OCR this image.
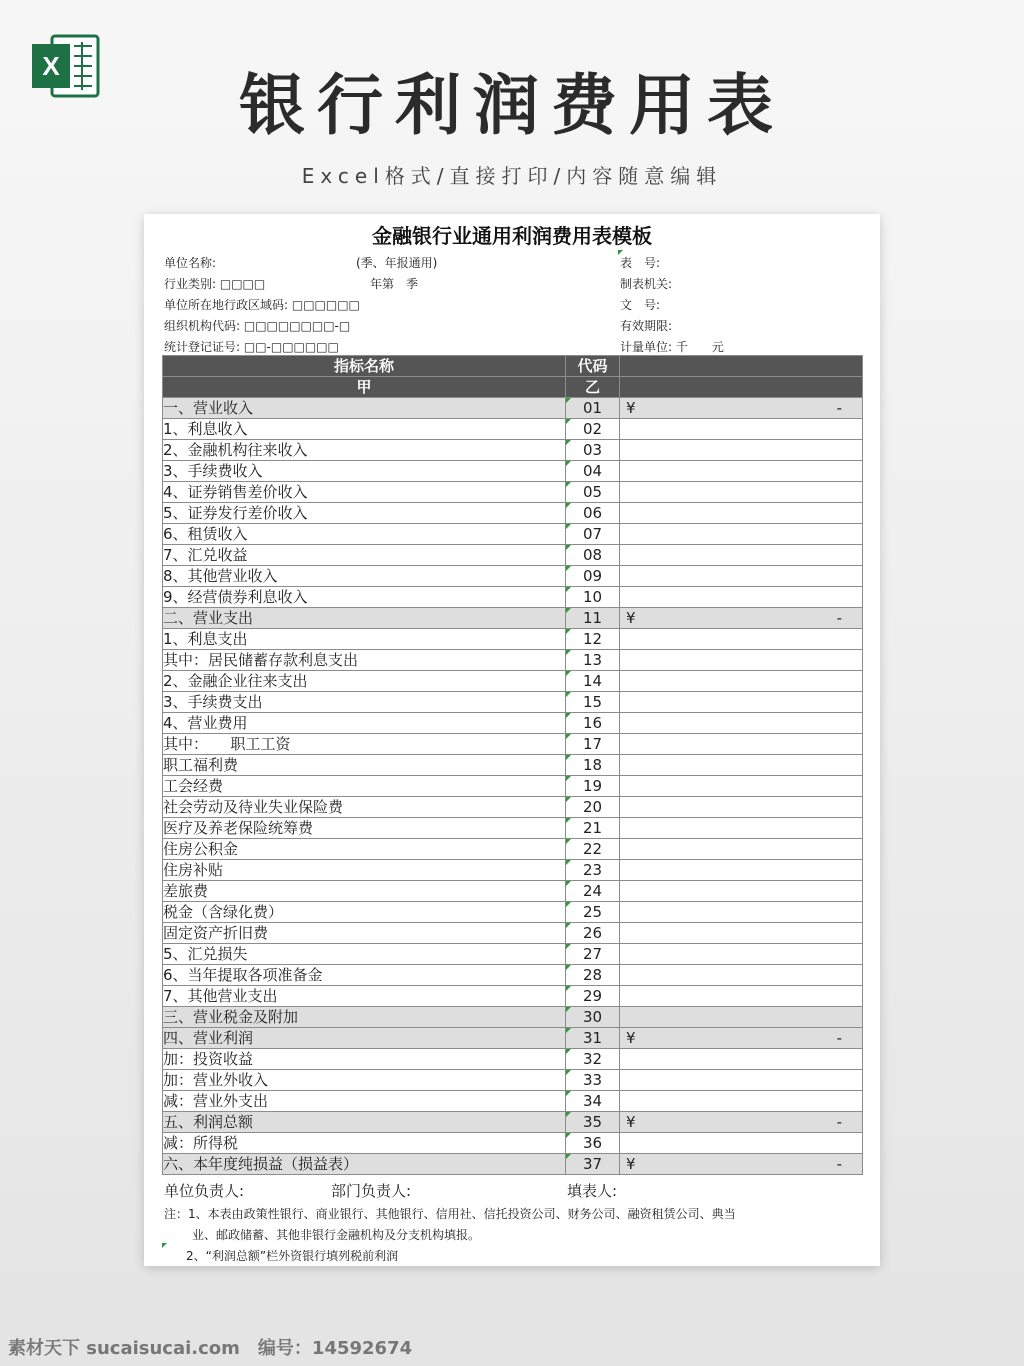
X
银行利润费用表
Excel格式/直接打印/内容随意编辑
金融银行业通用利润费用表模板
单位名称:
行业类别: □□□□
单位所在地行政区域码: □□□□□□
组织机构代码: □□□□□□□□-□
统计登记证号: □□-□□□□□□
(季、年报通用)
年第　季
表　号:
制表机关:
文　号:
有效期限:
计量单位: 千　　元
指标名称	代码	
甲	乙	
一、营业收入	01	¥ -

1、利息收入	02	
2、金融机构往来收入	03	
3、手续费收入	04	
4、证券销售差价收入	05	
5、证券发行差价收入	06	
6、租赁收入	07	
7、汇兑收益	08	
8、其他营业收入	09	
9、经营债券利息收入	10	
二、营业支出	11	¥ -

1、利息支出	12	
其中：居民储蓄存款利息支出	13	
2、金融企业往来支出	14	
3、手续费支出	15	
4、营业费用	16	
其中：　　职工工资	17	
职工福利费	18	
工会经费	19	
社会劳动及待业失业保险费	20	
医疗及养老保险统筹费	21	
住房公积金	22	
住房补贴	23	
差旅费	24	
税金（含绿化费）	25	
固定资产折旧费	26	
5、汇兑损失	27	
6、当年提取各项准备金	28	
7、其他营业支出	29	
三、营业税金及附加	30	
四、营业利润	31	¥ -

加：投资收益	32	
加：营业外收入	33	
减：营业外支出	34	
五、利润总额	35	¥ -

减：所得税	36	
六、本年度纯损益（损益表）	37	¥ -
单位负责人:	部门负责人:	填表人:
注：1、本表由政策性银行、商业银行、其他银行、信用社、信托投资公司、财务公司、融资租赁公司、典当
业、邮政储蓄、其他非银行金融机构及分支机构填报。
2、“利润总额”栏外资银行填列税前利润
素材天下 sucaisucai.com　编号：14592674
